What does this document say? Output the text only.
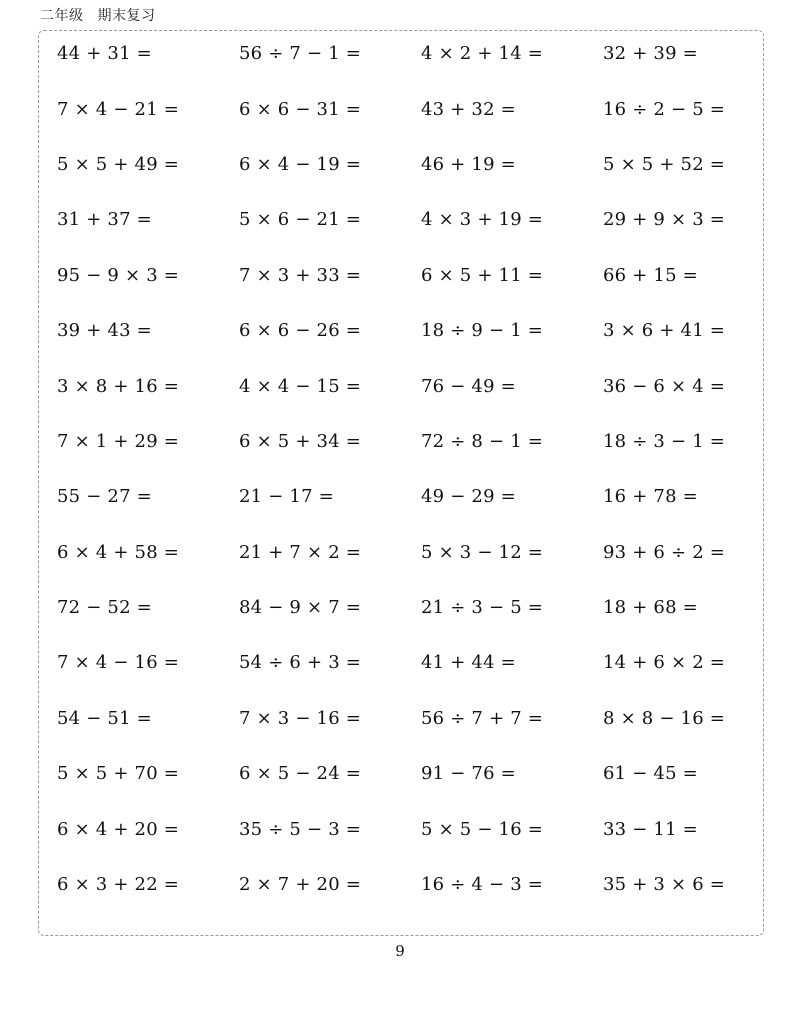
二年级 期末复习
44 + 31 =	56 ÷ 7 − 1 =	4 × 2 + 14 =	32 + 39 =
7 × 4 − 21 =	6 × 6 − 31 =	43 + 32 =	16 ÷ 2 − 5 =
5 × 5 + 49 =	6 × 4 − 19 =	46 + 19 =	5 × 5 + 52 =
31 + 37 =	5 × 6 − 21 =	4 × 3 + 19 =	29 + 9 × 3 =
95 − 9 × 3 =	7 × 3 + 33 =	6 × 5 + 11 =	66 + 15 =
39 + 43 =	6 × 6 − 26 =	18 ÷ 9 − 1 =	3 × 6 + 41 =
3 × 8 + 16 =	4 × 4 − 15 =	76 − 49 =	36 − 6 × 4 =
7 × 1 + 29 =	6 × 5 + 34 =	72 ÷ 8 − 1 =	18 ÷ 3 − 1 =
55 − 27 =	21 − 17 =	49 − 29 =	16 + 78 =
6 × 4 + 58 =	21 + 7 × 2 =	5 × 3 − 12 =	93 + 6 ÷ 2 =
72 − 52 =	84 − 9 × 7 =	21 ÷ 3 − 5 =	18 + 68 =
7 × 4 − 16 =	54 ÷ 6 + 3 =	41 + 44 =	14 + 6 × 2 =
54 − 51 =	7 × 3 − 16 =	56 ÷ 7 + 7 =	8 × 8 − 16 =
5 × 5 + 70 =	6 × 5 − 24 =	91 − 76 =	61 − 45 =
6 × 4 + 20 =	35 ÷ 5 − 3 =	5 × 5 − 16 =	33 − 11 =
6 × 3 + 22 =	2 × 7 + 20 =	16 ÷ 4 − 3 =	35 + 3 × 6 =
9
